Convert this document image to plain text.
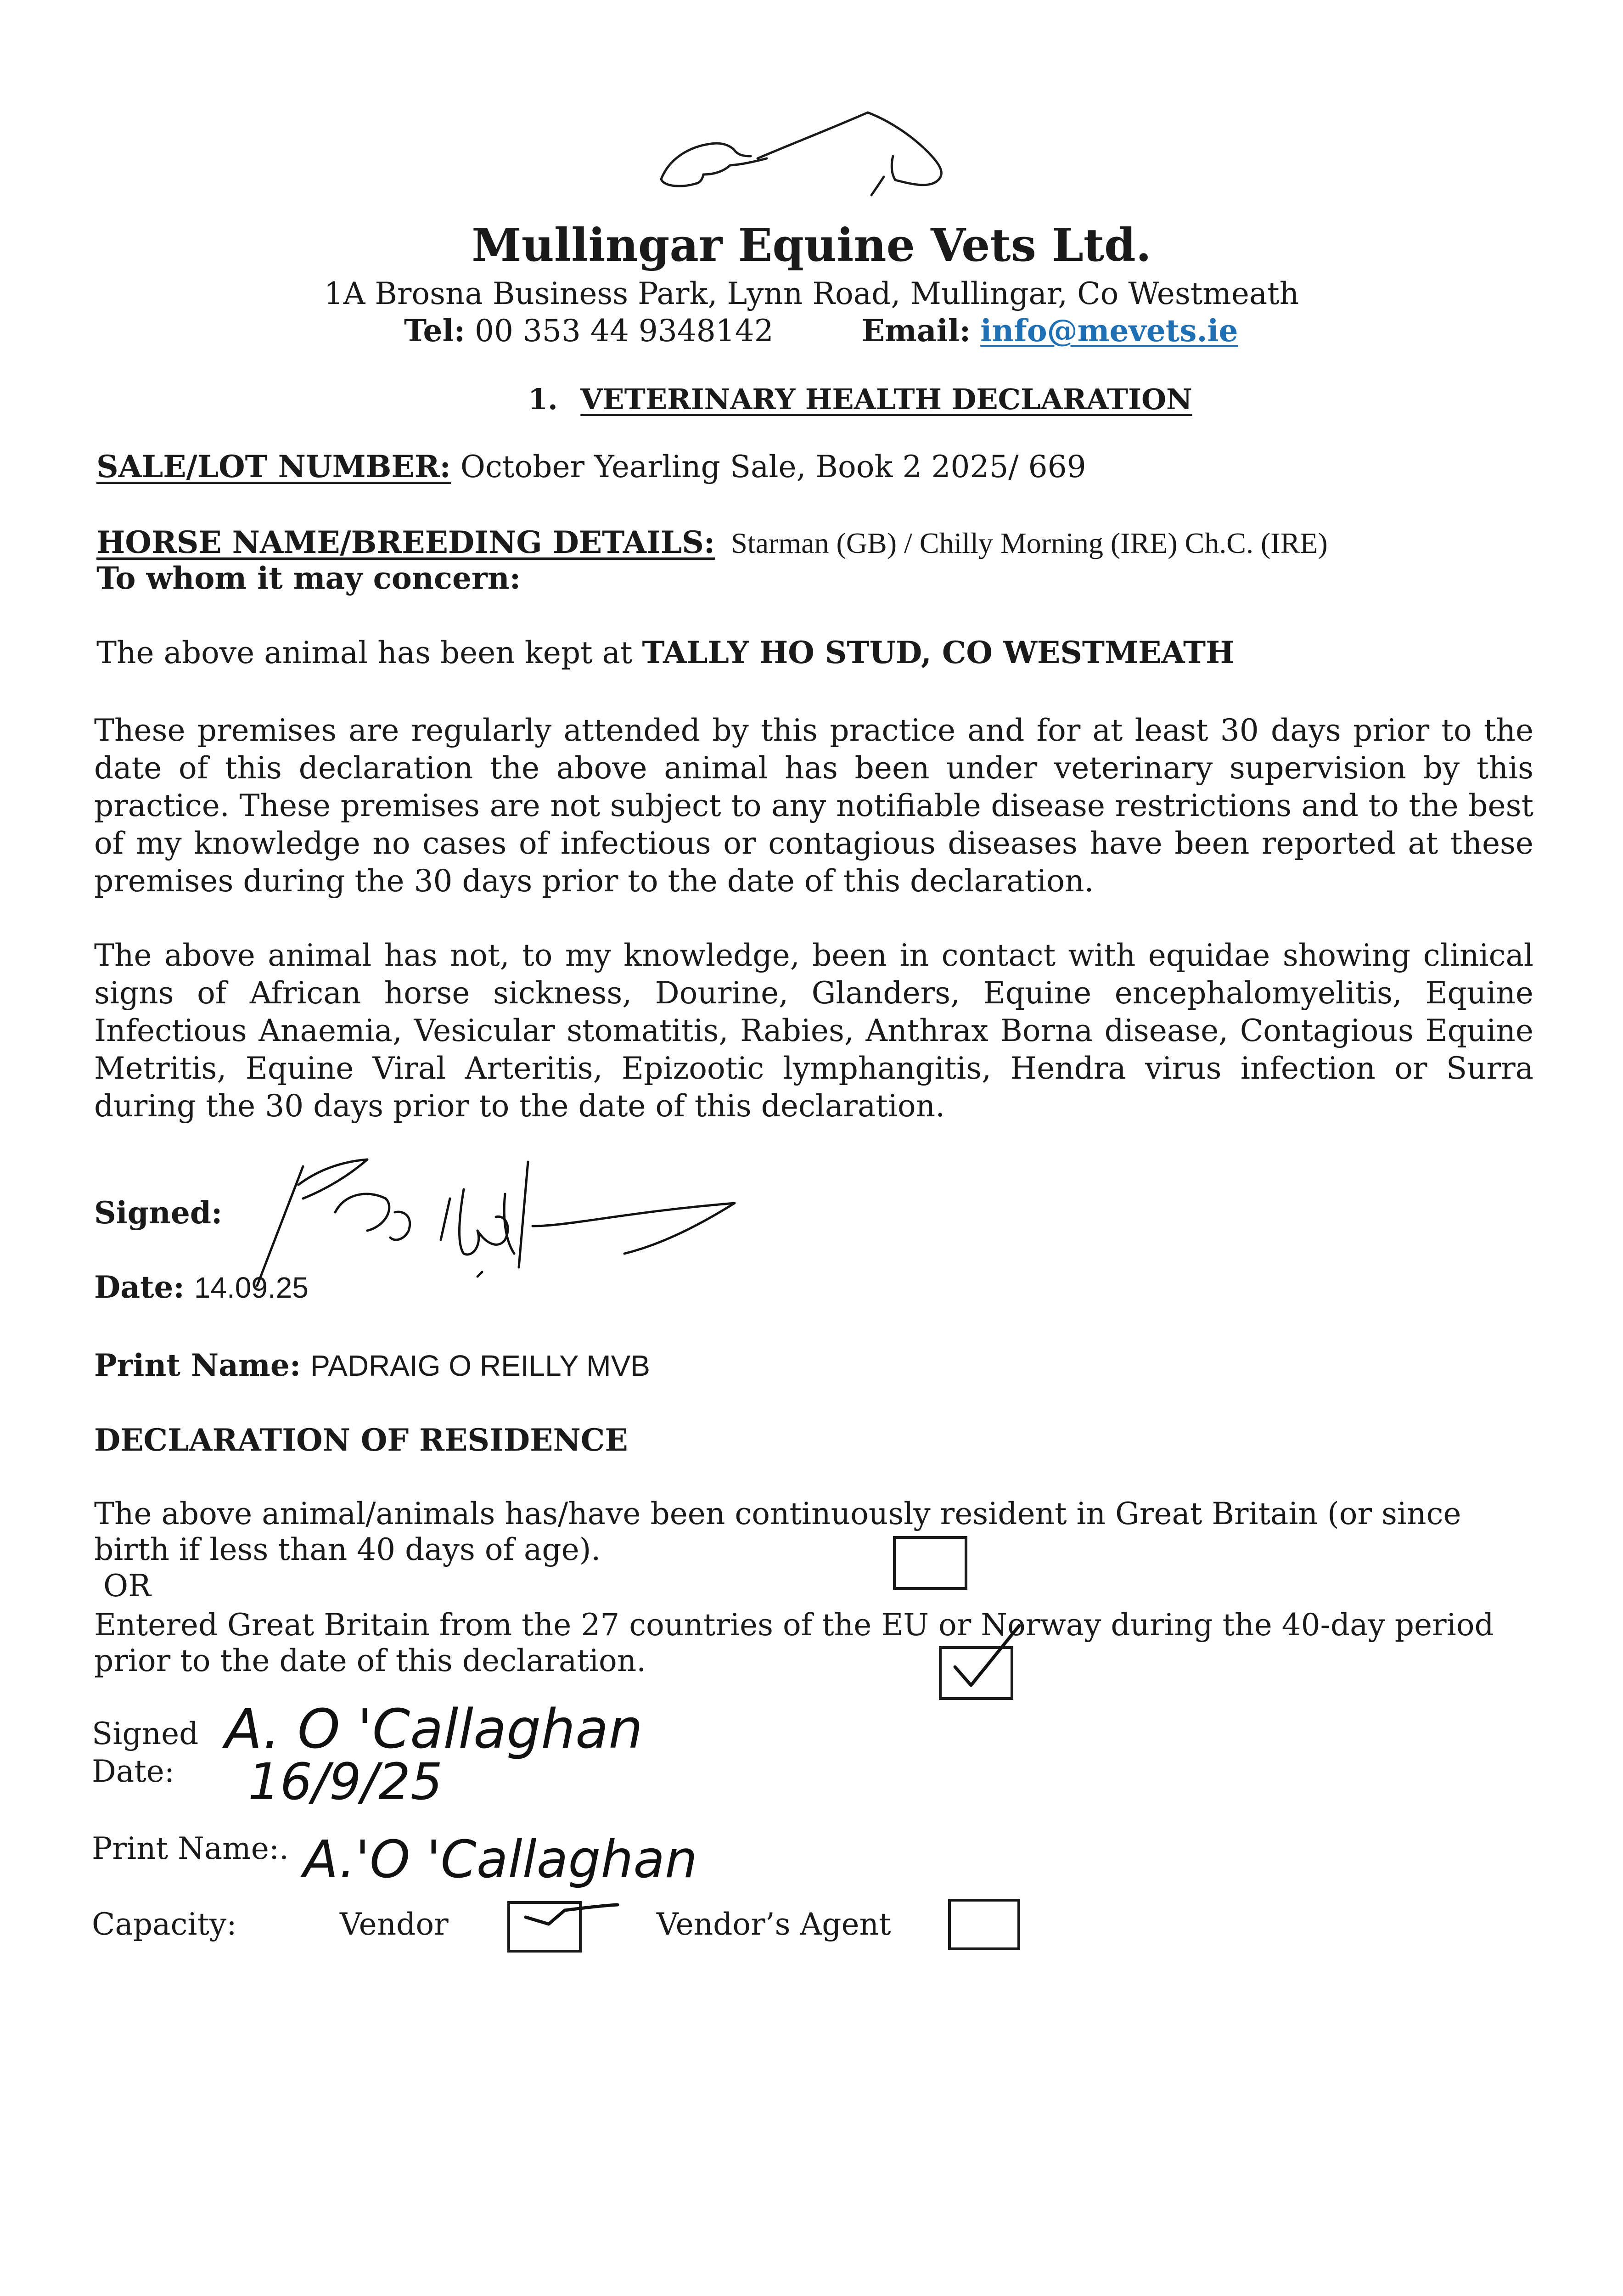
Mullingar Equine Vets Ltd.
1A Brosna Business Park, Lynn Road, Mullingar, Co Westmeath
Tel: 00 353 44 9348142	Email: info@mevets.ie
1. VETERINARY HEALTH DECLARATION
SALE/LOT NUMBER: October Yearling Sale, Book 2 2025/ 669
HORSE NAME/BREEDING DETAILS: Starman (GB) / Chilly Morning (IRE) Ch.C. (IRE)
To whom it may concern:
The above animal has been kept at TALLY HO STUD, CO WESTMEATH
These premises are regularly attended by this practice and for at least 30 days prior to the date of this declaration the above animal has been under veterinary supervision by this practice. These premises are not subject to any notifiable disease restrictions and to the best of my knowledge no cases of infectious or contagious diseases have been reported at these premises during the 30 days prior to the date of this declaration.
The above animal has not, to my knowledge, been in contact with equidae showing clinical signs of African horse sickness, Dourine, Glanders, Equine encephalomyelitis, Equine Infectious Anaemia, Vesicular stomatitis, Rabies, Anthrax Borna disease, Contagious Equine Metritis, Equine Viral Arteritis, Epizootic lymphangitis, Hendra virus infection or Surra during the 30 days prior to the date of this declaration.
Signed:
Date: 14.09.25
Print Name: PADRAIG O REILLY MVB
DECLARATION OF RESIDENCE
The above animal/animals has/have been continuously resident in Great Britain (or since birth if less than 40 days of age).
OR
Entered Great Britain from the 27 countries of the EU or Norway during the 40-day period prior to the date of this declaration.
Signed A. O 'Callaghan
Date: 16/9/25
Print Name:. A.'O 'Callaghan
Capacity:	Vendor	Vendor’s Agent
